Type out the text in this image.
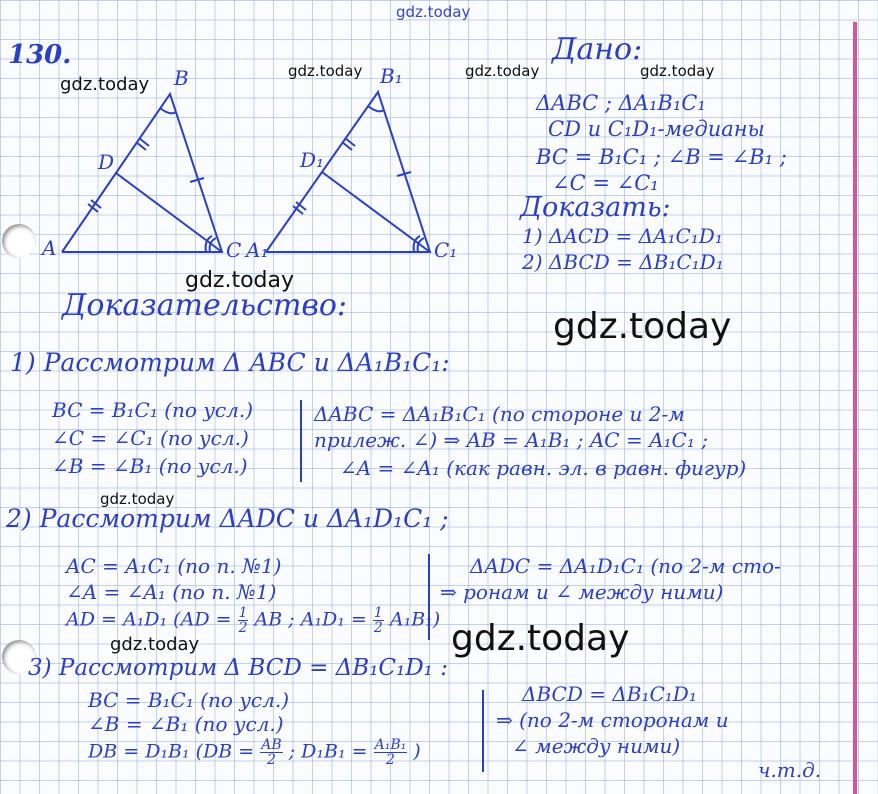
gdz.today
gdz.today
gdz.today	gdz.today	gdz.today
gdz.today
gdz.today
gdz.today
gdz.today	gdz.today
130.
A
B
C
D
A₁
B₁
C₁
D₁
Дано:
ΔABC ; ΔA₁B₁C₁
CD и C₁D₁-медианы
BC = B₁C₁ ; ∠B = ∠B₁ ;
∠C = ∠C₁
Доказать:
1) ΔACD = ΔA₁C₁D₁
2) ΔBCD = ΔB₁C₁D₁
Доказательство:
1) Рассмотрим Δ ABC и ΔA₁B₁C₁:
BC = B₁C₁ (по усл.)
∠C = ∠C₁ (по усл.)
∠B = ∠B₁ (по усл.)
ΔABC = ΔA₁B₁C₁ (по стороне и 2-м
прилеж. ∠) ⇒ AB = A₁B₁ ; AC = A₁C₁ ;
∠A = ∠A₁ (как равн. эл. в равн. фигур)
2) Рассмотрим ΔADC и ΔA₁D₁C₁ ;
AC = A₁C₁ (по п. №1)
∠A = ∠A₁ (по п. №1)
AD = A₁D₁ ($AD = \frac{1}{2}$ AB ; $A_1D_1 = \frac{1}{2} A_1B_1$)
ΔADC = ΔA₁D₁C₁ (по 2-м сто-
⇒ ронам и ∠ между ними)
3) Рассмотрим Δ BCD = ΔB₁C₁D₁ :
BC = B₁C₁ (по усл.)
∠B = ∠B₁ (по усл.)
DB = D₁B₁ ($DB = \frac{AB}{2}$ ; $D_1B_1 = \frac{\text{A₁B₁}}{2}$ )
ΔBCD = ΔB₁C₁D₁
⇒ (по 2-м сторонам и
∠ между ними)
ч.т.д.
